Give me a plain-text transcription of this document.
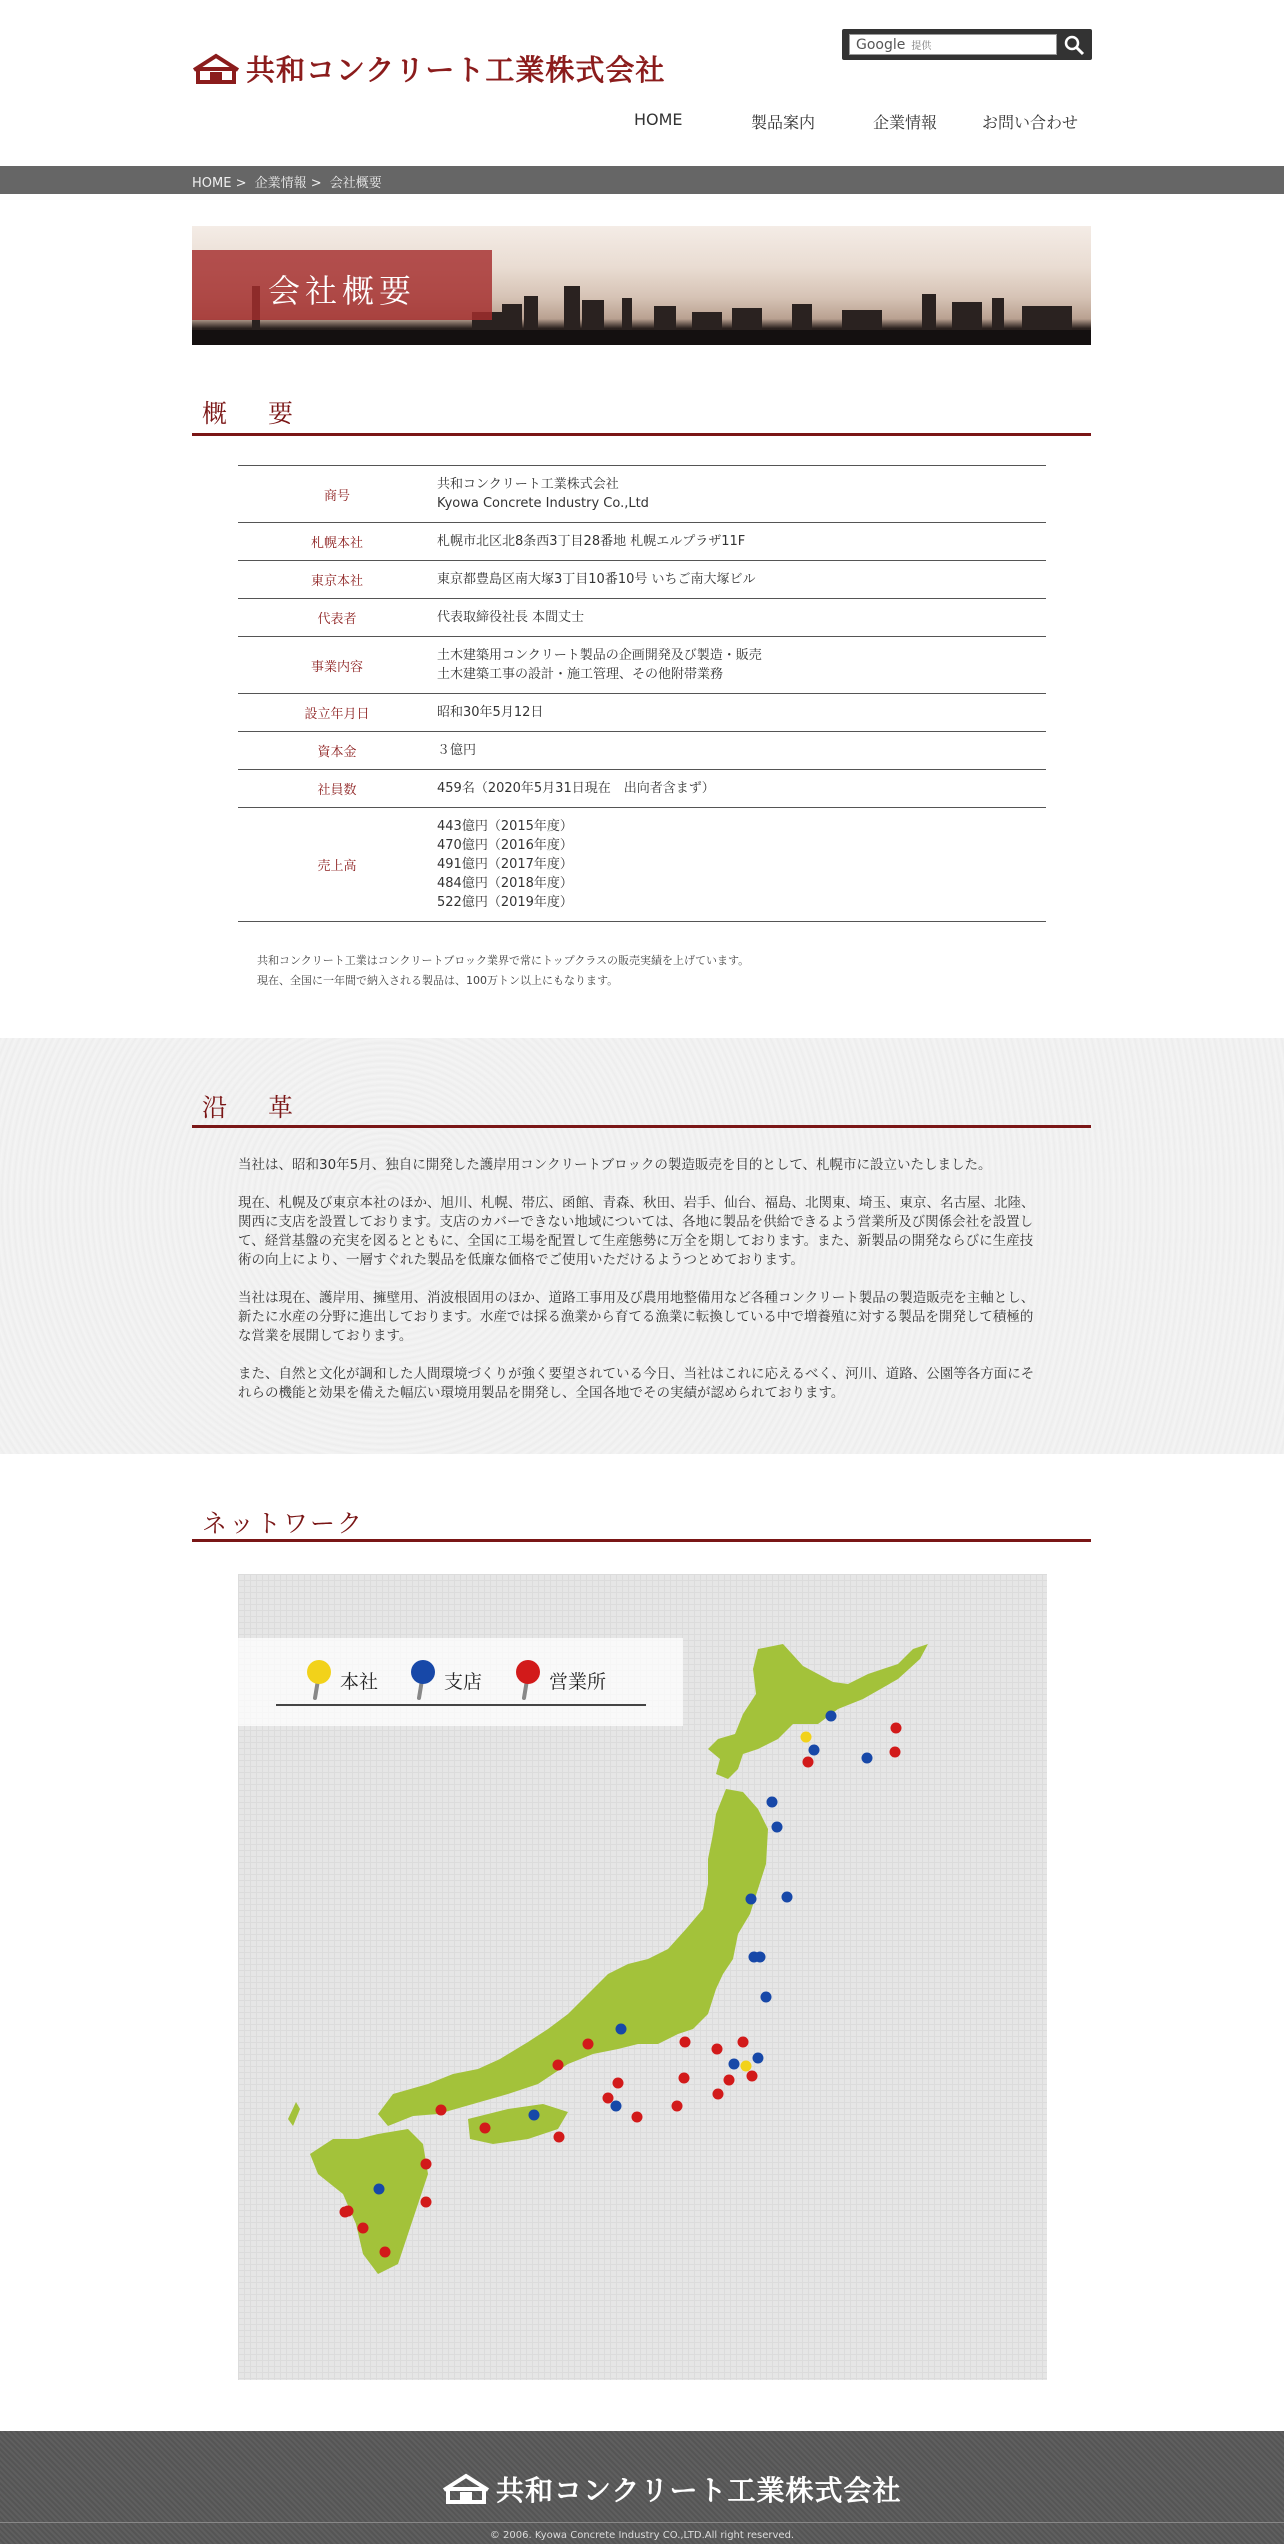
共和コンクリート工業株式会社
Google 提供
HOME	製品案内	企業情報	お問い合わせ
HOME > 企業情報 > 会社概要
会社概要
概　要
商号	共和コンクリート工業株式会社
Kyowa Concrete Industry Co.,Ltd

札幌本社	札幌市北区北8条西3丁目28番地 札幌エルプラザ11F

東京本社	東京都豊島区南大塚3丁目10番10号 いちご南大塚ビル

代表者	代表取締役社長 本間丈士

事業内容	土木建築用コンクリート製品の企画開発及び製造・販売
土木建築工事の設計・施工管理、その他附帯業務

設立年月日	昭和30年5月12日

資本金	３億円

社員数	459名（2020年5月31日現在　出向者含まず）

売上高	443億円（2015年度）
470億円（2016年度）
491億円（2017年度）
484億円（2018年度）
522億円（2019年度）
共和コンクリート工業はコンクリートブロック業界で常にトップクラスの販売実績を上げています。
現在、全国に一年間で納入される製品は、100万トン以上にもなります。
沿　革

当社は、昭和30年5月、独自に開発した護岸用コンクリートブロックの製造販売を目的として、札幌市に設立いたしました。

現在、札幌及び東京本社のほか、旭川、札幌、帯広、函館、青森、秋田、岩手、仙台、福島、北関東、埼玉、東京、名古屋、北陸、関西に支店を設置しております。支店のカバーできない地域については、各地に製品を供給できるよう営業所及び関係会社を設置して、経営基盤の充実を図るとともに、全国に工場を配置して生産態勢に万全を期しております。また、新製品の開発ならびに生産技術の向上により、一層すぐれた製品を低廉な価格でご使用いただけるようつとめております。

当社は現在、護岸用、擁壁用、消波根固用のほか、道路工事用及び農用地整備用など各種コンクリート製品の製造販売を主軸とし、新たに水産の分野に進出しております。水産では採る漁業から育てる漁業に転換している中で増養殖に対する製品を開発して積極的な営業を展開しております。

また、自然と文化が調和した人間環境づくりが強く要望されている今日、当社はこれに応えるべく、河川、道路、公園等各方面にそれらの機能と効果を備えた幅広い環境用製品を開発し、全国各地でその実績が認められております。

ネットワーク
本社	支店	営業所
共和コンクリート工業株式会社
© 2006. Kyowa Concrete Industry CO.,LTD.All right reserved.
